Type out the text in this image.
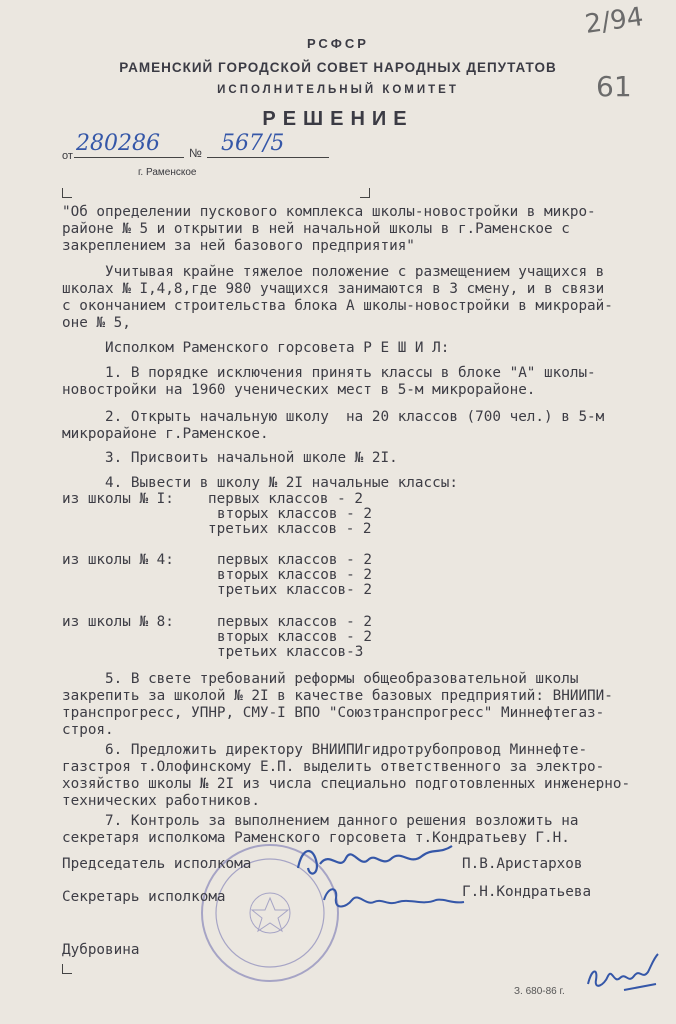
2/94
61
РСФСР
РАМЕНСКИЙ ГОРОДСКОЙ СОВЕТ НАРОДНЫХ ДЕПУТАТОВ
ИСПОЛНИТЕЛЬНЫЙ КОМИТЕТ
РЕШЕНИЕ
от

280286

№

567/5

г. Раменское
"Об определении пускового комплекса школы-новостройки в микро-
районе № 5 и открытии в ней начальной школы в г.Раменское с
закреплением за ней базового предприятия"
Учитывая крайне тяжелое положение с размещением учащихся в
школах № I,4,8,где 980 учащихся занимаются в 3 смену, и в связи
с окончанием строительства блока А школы-новостройки в микрорай-
оне № 5,
Исполком Раменского горсовета Р Е Ш И Л:
1. В порядке исключения принять классы в блоке "А" школы-
новостройки на 1960 ученических мест в 5-м микрорайоне.
2. Открыть начальную школу  на 20 классов (700 чел.) в 5-м
микрорайоне г.Раменское.
3. Присвоить начальной школе № 2I.
4. Вывести в школу № 2I начальные классы:
из школы № I: первых классов - 2
вторых классов - 2
третьих классов - 2
из школы № 4:	первых классов - 2
вторых классов - 2
третьих классов- 2
из школы № 8:	первых классов - 2
вторых классов - 2
третьих классов-3
5. В свете требований реформы общеобразовательной школы
закрепить за школой № 2I в качестве базовых предприятий: ВНИИПИ-
транспрогресс, УПНР, СМУ-I ВПО "Союзтранспрогресс" Миннефтегаз-
строя.
6. Предложить директору ВНИИПИгидротрубопровод Миннефте-
газстроя т.Олофинскому Е.П. выделить ответственного за электро-
хозяйство школы № 2I из числа специально подготовленных инженерно-
технических работников.
7. Контроль за выполнением данного решения возложить на
секретаря исполкома Раменского горсовета т.Кондратьеву Г.Н.
Председатель исполкома	П.В.Аристархов
Секретарь исполкома	Г.Н.Кондратьева
Дубровина
З. 680-86 г.
